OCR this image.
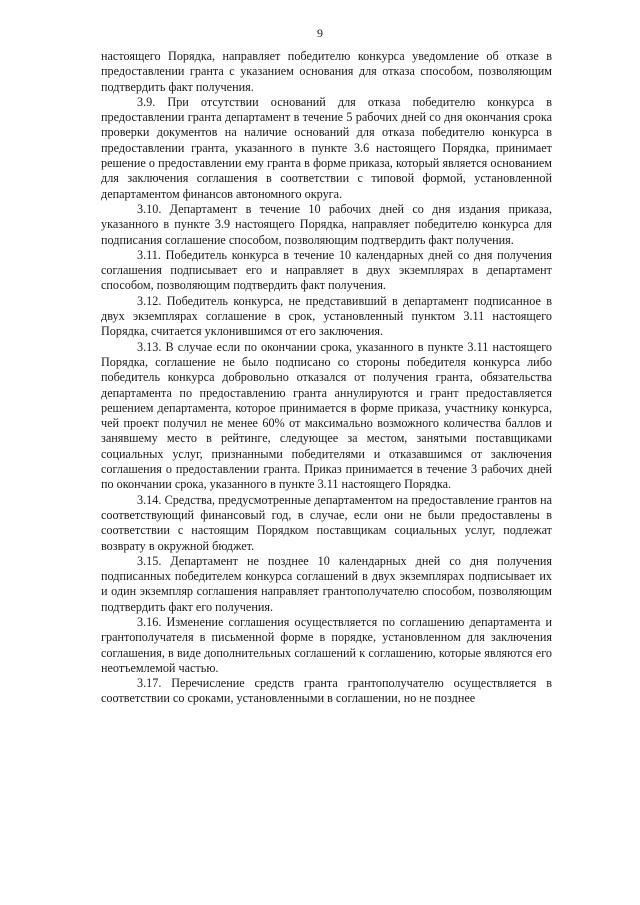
9

настоящего Порядка, направляет победителю конкурса уведомление об отказе в предоставлении гранта с указанием основания для отказа способом, позволяющим подтвердить факт получения.

3.9. При отсутствии оснований для отказа победителю конкурса в предоставлении гранта департамент в течение 5 рабочих дней со дня окончания срока проверки документов на наличие оснований для отказа победителю конкурса в предоставлении гранта, указанного в пункте 3.6 настоящего Порядка, принимает решение о предоставлении ему гранта в форме приказа, который является основанием для заключения соглашения в соответствии с типовой формой, установленной департаментом финансов автономного округа.

3.10. Департамент в течение 10 рабочих дней со дня издания приказа, указанного в пункте 3.9 настоящего Порядка, направляет победителю конкурса для подписания соглашение способом, позволяющим подтвердить факт получения.

3.11. Победитель конкурса в течение 10 календарных дней со дня получения соглашения подписывает его и направляет в двух экземплярах в департамент способом, позволяющим подтвердить факт получения.

3.12. Победитель конкурса, не представивший в департамент подписанное в двух экземплярах соглашение в срок, установленный пунктом 3.11 настоящего Порядка, считается уклонившимся от его заключения.

3.13. В случае если по окончании срока, указанного в пункте 3.11 настоящего Порядка, соглашение не было подписано со стороны победителя конкурса либо победитель конкурса добровольно отказался от получения гранта, обязательства департамента по предоставлению гранта аннулируются и грант предоставляется решением департамента, которое принимается в форме приказа, участнику конкурса, чей проект получил не менее 60% от максимально возможного количества баллов и занявшему место в рейтинге, следующее за местом, занятыми поставщиками социальных услуг, признанными победителями и отказавшимся от заключения соглашения о предоставлении гранта. Приказ принимается в течение 3 рабочих дней по окончании срока, указанного в пункте 3.11 настоящего Порядка.

3.14. Средства, предусмотренные департаментом на предоставление грантов на соответствующий финансовый год, в случае, если они не были предоставлены в соответствии с настоящим Порядком поставщикам социальных услуг, подлежат возврату в окружной бюджет.

3.15. Департамент не позднее 10 календарных дней со дня получения подписанных победителем конкурса соглашений в двух экземплярах подписывает их и один экземпляр соглашения направляет грантополучателю способом, позволяющим подтвердить факт его получения.

3.16. Изменение соглашения осуществляется по соглашению департамента и грантополучателя в письменной форме в порядке, установленном для заключения соглашения, в виде дополнительных соглашений к соглашению, которые являются его неотъемлемой частью.

3.17. Перечисление средств гранта грантополучателю осуществляется в соответствии со сроками, установленными в соглашении, но не позднее
